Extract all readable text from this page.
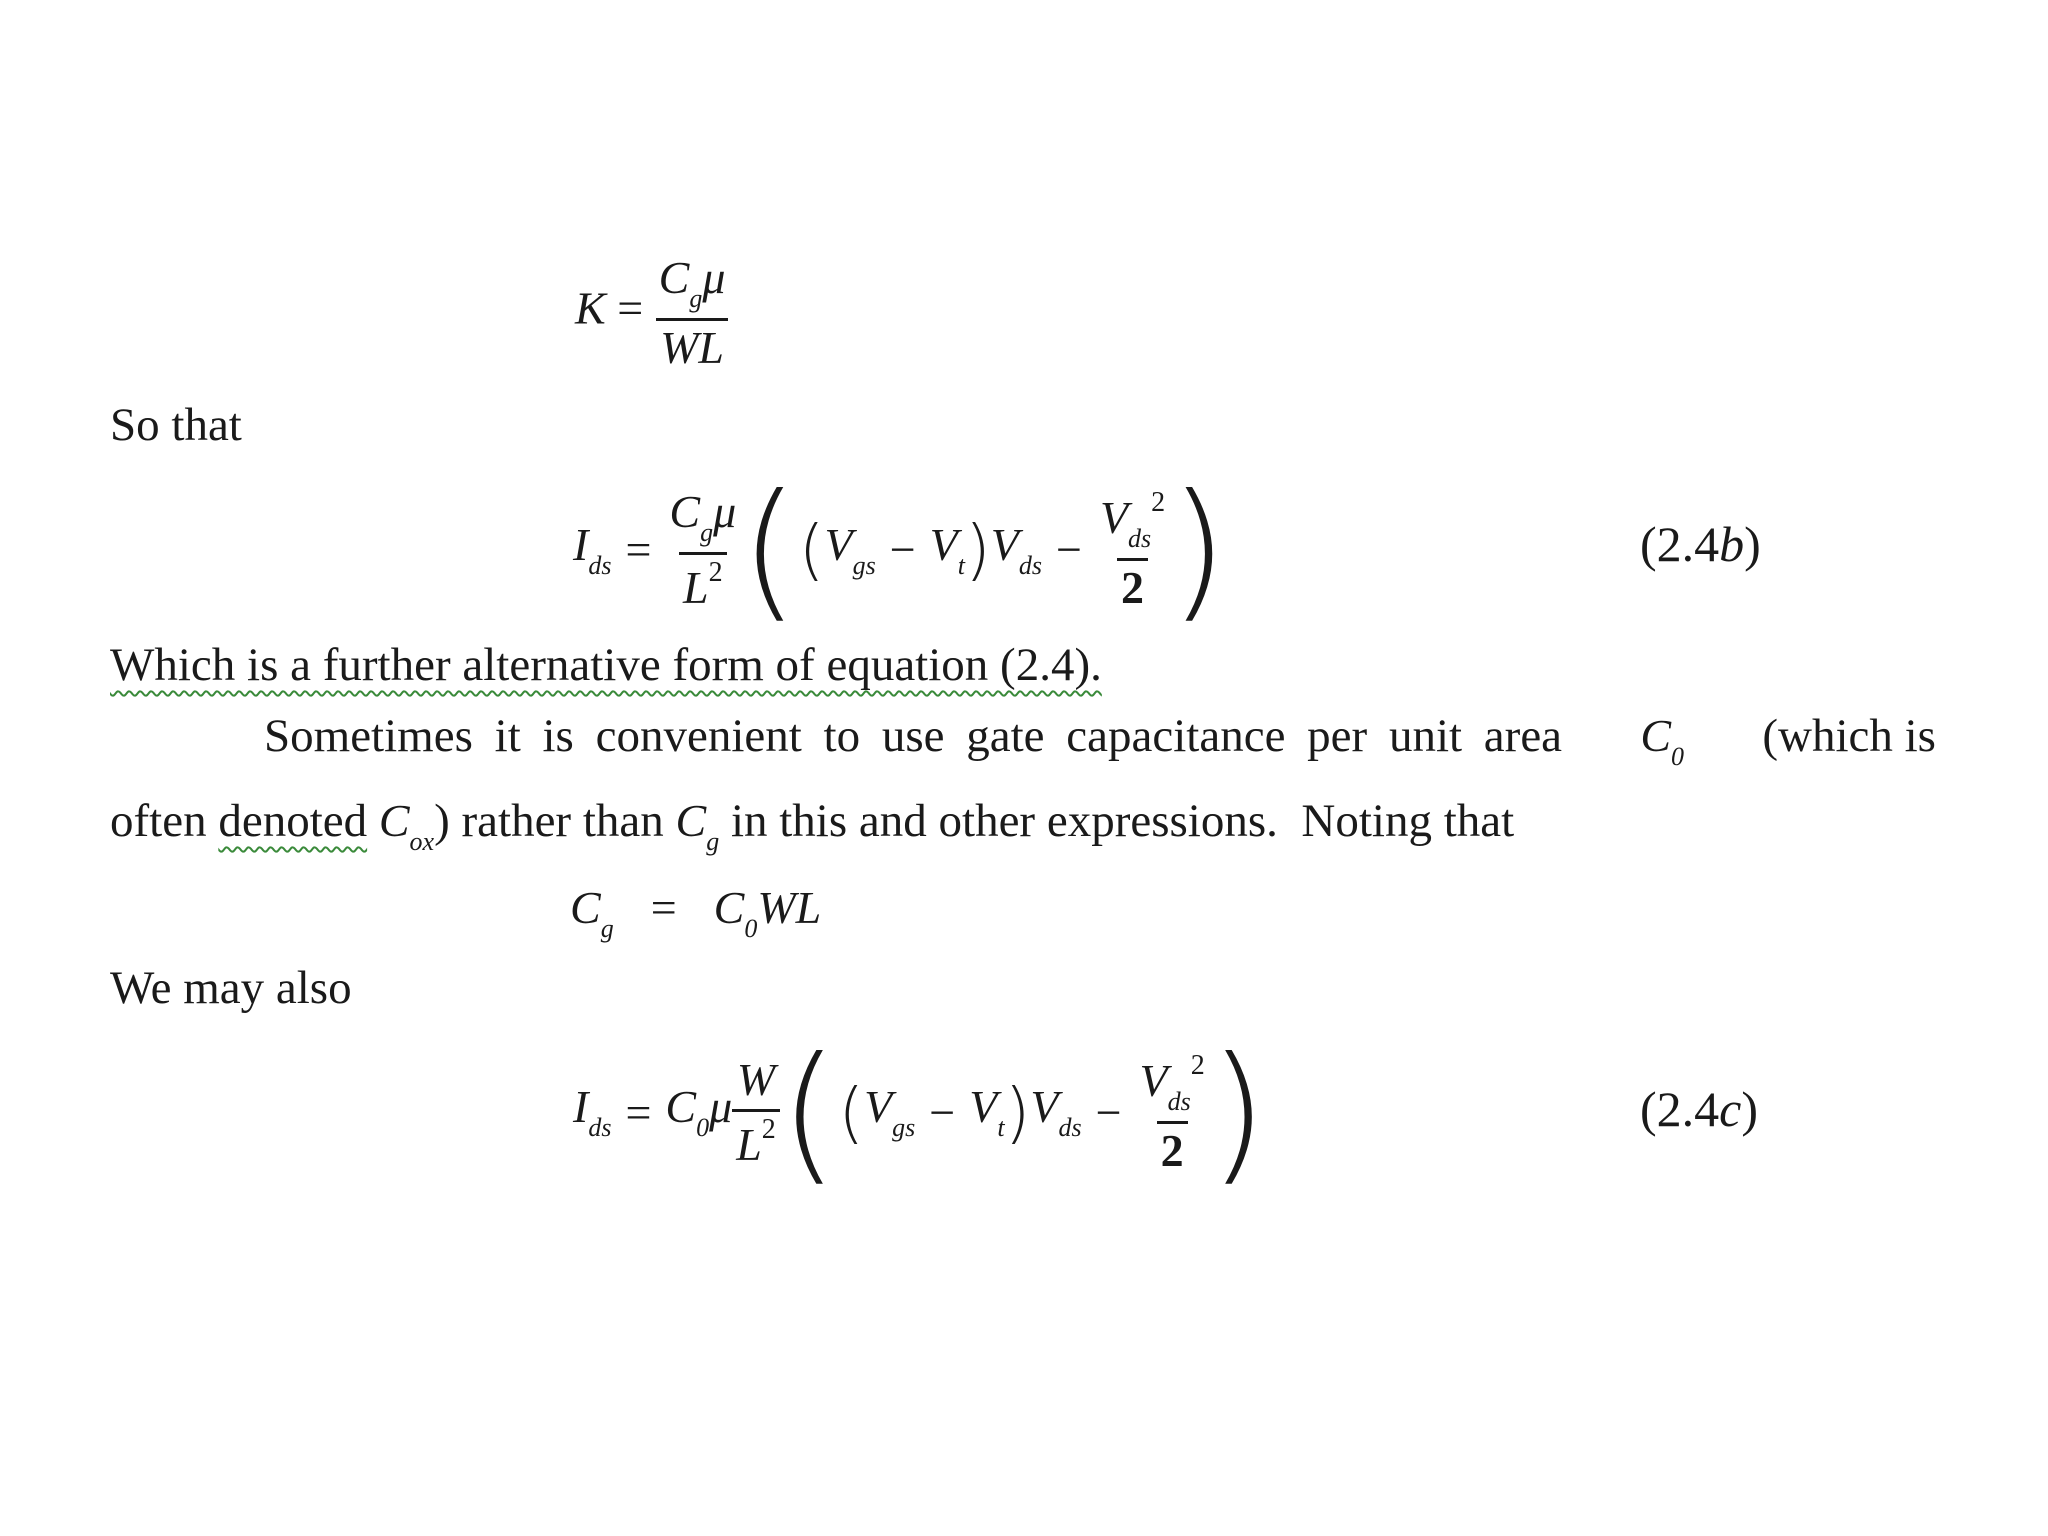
$K = \frac{C_g\mu}{WL}$
So that
$I_{ds} = \frac{C_g\mu}{L^2}$ ( ( $V_{gs} - V_t$ ) $V_{ds} - \frac{V_{ds}^2}{2}$ )	(2.4b)
Which is a further alternative form of equation (2.4).
Sometimes it is convenient to use gate capacitance per unit area $C_0$ (which is
often denoted $C_{ox}$) rather than $C_g$ in this and other expressions.  Noting that
$C_g = C_0WL$
We may also
$I_{ds} = C_0\mu \frac{W}{L^2}$ ( ( $V_{gs} - V_t$ ) $V_{ds} - \frac{V_{ds}^2}{2}$ )	(2.4c)
